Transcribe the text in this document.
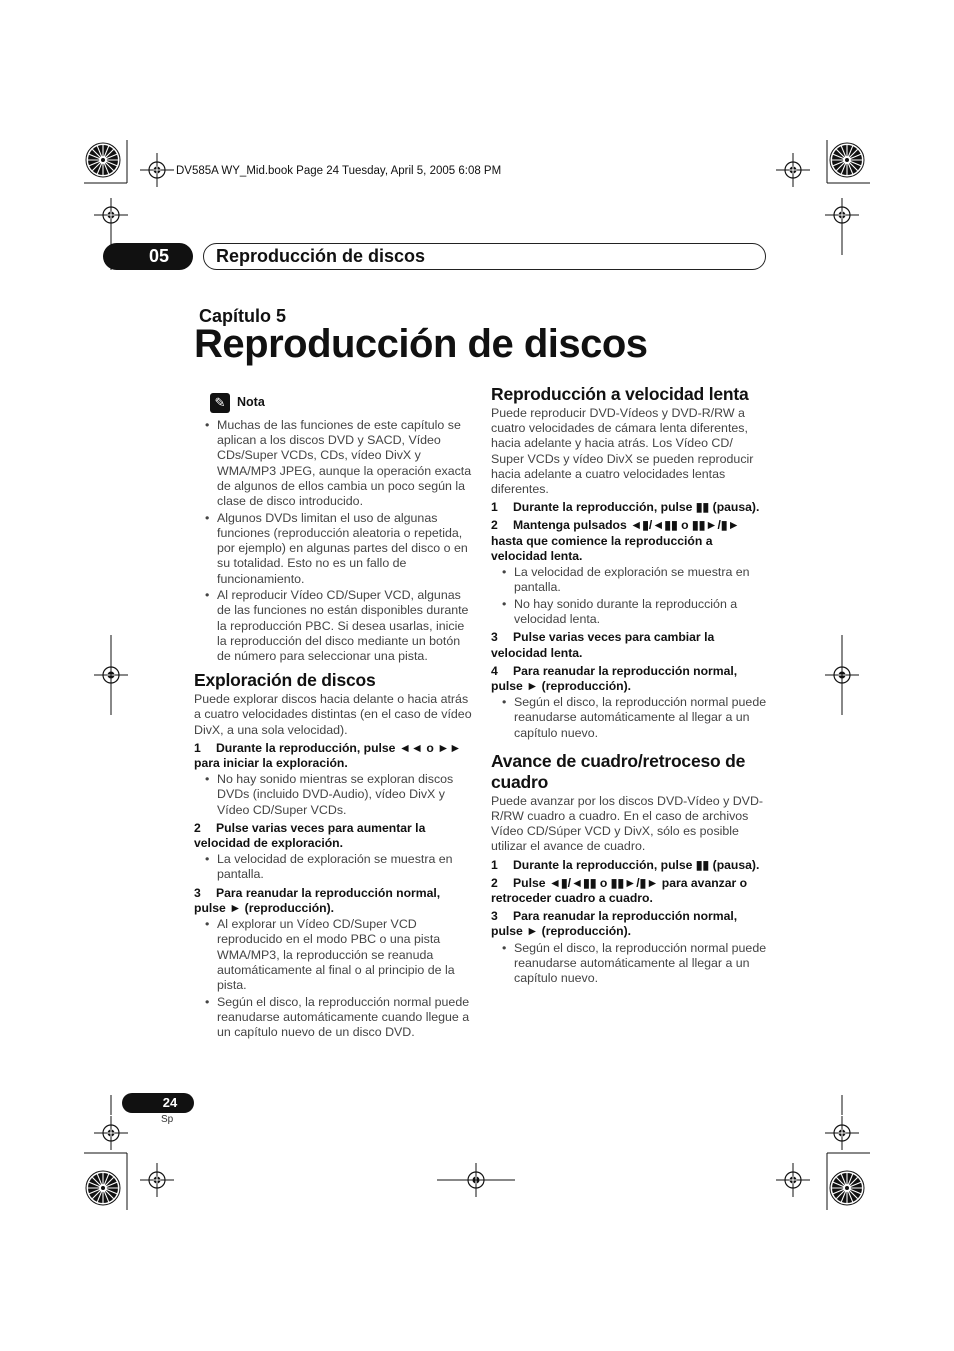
DV585A WY_Mid.book Page 24 Tuesday, April 5, 2005 6:08 PM
05	Reproducción de discos
Capítulo 5
Reproducción de discos
✎ Nota
• Muchas de las funciones de este capítulo se aplican a los discos DVD y SACD, Vídeo CDs/Super VCDs, CDs, vídeo DivX y WMA/MP3 JPEG, aunque la operación exacta de algunos de ellos cambia un poco según la clase de disco introducido.
• Algunos DVDs limitan el uso de algunas funciones (reproducción aleatoria o repetida, por ejemplo) en algunas partes del disco o en su totalidad. Esto no es un fallo de funcionamiento.
• Al reproducir Vídeo CD/Super VCD, algunas de las funciones no están disponibles durante la reproducción PBC. Si desea usarlas, inicie la reproducción del disco mediante un botón de número para seleccionar una pista.
Exploración de discos

Puede explorar discos hacia delante o hacia atrás a cuatro velocidades distintas (en el caso de vídeo DivX, a una sola velocidad).

1 Durante la reproducción, pulse ◄◄ o ►► para iniciar la exploración.
• No hay sonido mientras se exploran discos DVDs (incluido DVD-Audio), vídeo DivX y Vídeo CD/Super VCDs.
2 Pulse varias veces para aumentar la velocidad de exploración.
• La velocidad de exploración se muestra en pantalla.
3 Para reanudar la reproducción normal, pulse ► (reproducción).
• Al explorar un Vídeo CD/Super VCD reproducido en el modo PBC o una pista WMA/MP3, la reproducción se reanuda automáticamente al final o al principio de la pista.
• Según el disco, la reproducción normal puede reanudarse automáticamente cuando llegue a un capítulo nuevo de un disco DVD.
Reproducción a velocidad lenta

Puede reproducir DVD-Vídeos y DVD-R/RW a cuatro velocidades de cámara lenta diferentes, hacia adelante y hacia atrás. Los Vídeo CD/ Super VCDs y vídeo DivX se pueden reproducir hacia adelante a cuatro velocidades lentas diferentes.

1 Durante la reproducción, pulse ▮▮ (pausa).
2 Mantenga pulsados ◄▮/◄▮▮ o ▮▮►/▮► hasta que comience la reproducción a velocidad lenta.
• La velocidad de exploración se muestra en pantalla.
• No hay sonido durante la reproducción a velocidad lenta.
3 Pulse varias veces para cambiar la velocidad lenta.
4 Para reanudar la reproducción normal, pulse ► (reproducción).
• Según el disco, la reproducción normal puede reanudarse automáticamente al llegar a un capítulo nuevo.
Avance de cuadro/retroceso de cuadro

Puede avanzar por los discos DVD-Vídeo y DVD-R/RW cuadro a cuadro. En el caso de archivos Vídeo CD/Súper VCD y DivX, sólo es posible utilizar el avance de cuadro.

1 Durante la reproducción, pulse ▮▮ (pausa).
2 Pulse ◄▮/◄▮▮ o ▮▮►/▮► para avanzar o retroceder cuadro a cuadro.
3 Para reanudar la reproducción normal, pulse ► (reproducción).
• Según el disco, la reproducción normal puede reanudarse automáticamente al llegar a un capítulo nuevo.
24
Sp
